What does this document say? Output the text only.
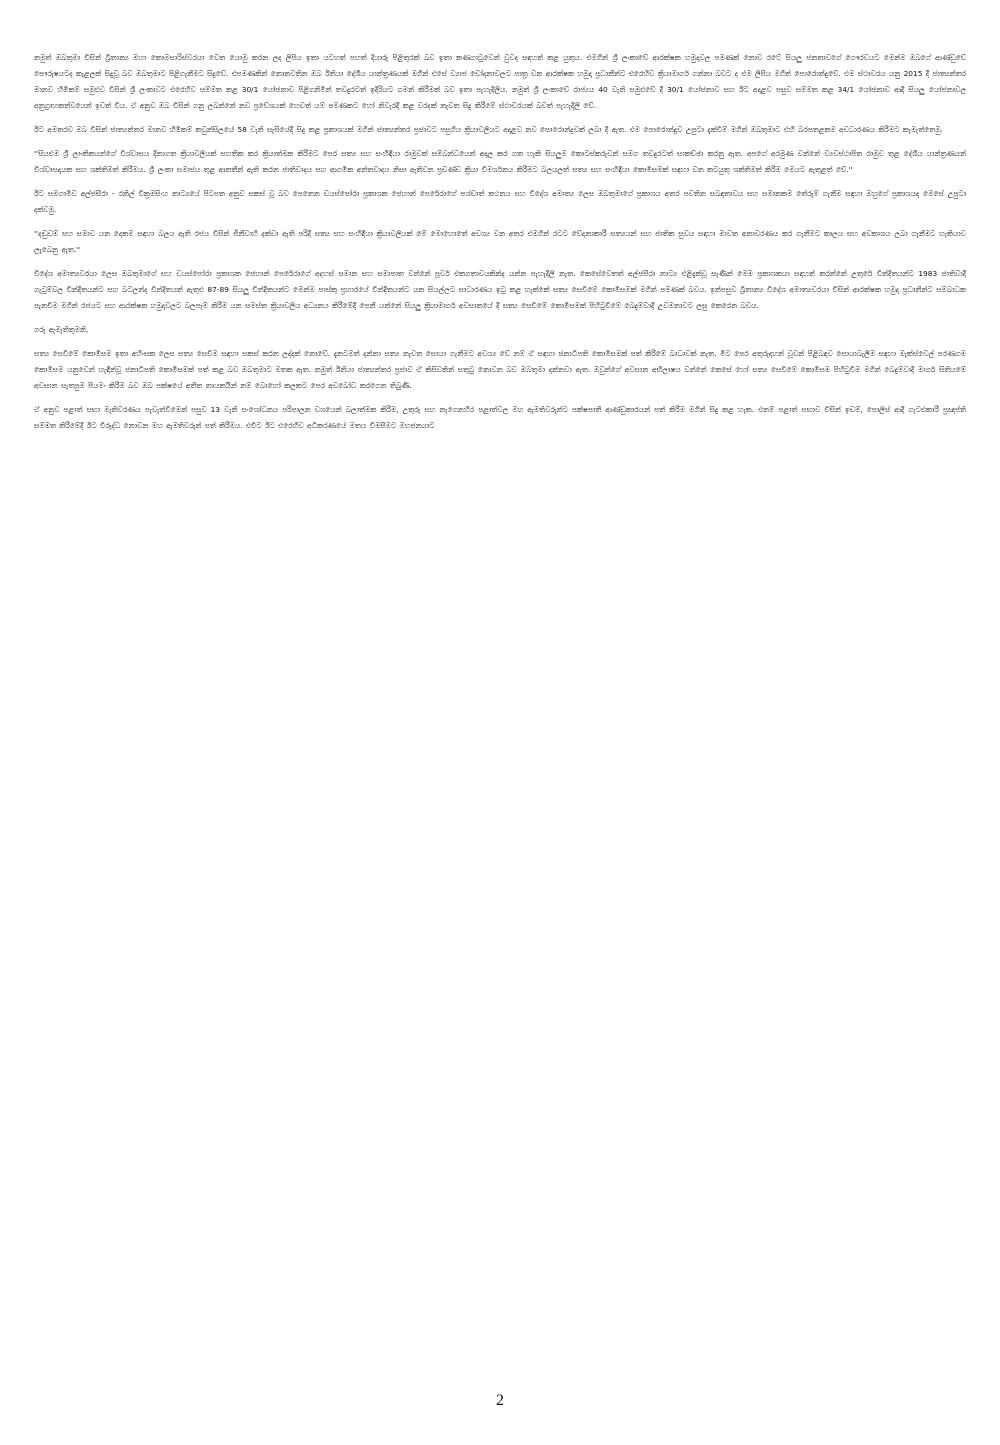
නමුත් ඔබතුමා විසින් බ්‍රිතාන්‍ය මහා කොමසාරිස්වරයා වෙත යොමු කරන ලද ලිපිය ඉතා යටහත් පහත් දියාරු පිළිතුරක් බව ඉතා කණගාටුවෙන් වුවද සඳහන් කළ යුතුය. එමගින් ශ්‍රී ලංකාවේ ආරක්ෂක හමුදාවල පමණක් නොව රටේ සියලු ජනතාවගේ ගෞරවයට මෙන්ම ඔබගේ ආණ්ඩුවේ පෞරුෂයටද කැළලක් සිදුවූ බව ඔබතුමාට පිළිගැනීමට සිදුවේ. එපමණකින් නොනවතින ඔබ ඊනියා දේශීය යාන්ත්‍රණයක් මගින් එසේ ව්‍යාජ චෝදනාවලට පාත්‍ර වන ආරක්ෂක හමුදා ප්‍රධානීන්ට එරෙහිව ක්‍රියාමාර්ග ගන්නා බවට ද එම ලිපිය මගින් පොරොන්දුවේ. එම ස්ථාවරය යනු 2015 දී ජාත්‍යන්තර මානව හිමිකම් සමුළුව විසින් ශ්‍රී ලංකාවට එරෙහිව සම්මත කළ 30/1 යෝජනාව පිළිගනිමින් තවදුරටත් ඉදිරියට ගමන් කිරීමක් බව ඉතා පැහැදිලිය. නමුත් ශ්‍රී ලංකාවේ රාජ්‍යය 40 වැනි සමුළුවේ දී 30/1 යෝජනාව සහ ඊට අදාළව පසුව සම්මත කළ 34/1 යෝජනාව ආදී සියලු යෝජනාවල අනුග්‍රාහකත්වයෙන් ඉවත් විය. ඒ අනුව ඔබ විසින් ගනු ලබන්නේ නව ප්‍රවේශයක් හෙවත් යම් පමණකට හෝ නිවැරදි කළ වරදක් නැවත සිදු කිරීමේ ස්ථාවරයක් බවත් පැහැදිලි වේ.

ඊට අමතරව ඔබ විසින් ජාත්‍යන්තර මානව හිමිකම් කවුන්සිලයේ 58 වැනි සැසියේදී සිදු කළ ප්‍රකාශයක් මගින් ජාත්‍යන්තර ප්‍රජාවට පසුගිය ක්‍රියාවලියට අදාළව නව පොරොන්දුවක් ලබා දී ඇත. එම පොරොන්දුව උපුටා දැක්වීම් මගින් ඔබතුමාට එහි බරපතළකම අවධාරණය කිරීමට කැමැත්තෙමු.

''සියළුම ශ්‍රී ලාංකිකයන්ගේ විශ්වාසය දිනාගත ක්‍රියාවලියක් සහතික කර ක්‍රියාත්මක කිරීමට පෙර සත්‍ය සහ සංහිඳියා රාමුවක් සම්බන්ධයෙන් අදාල කර ගත හැකි සියලුම කොටස්කරුවන් සමග තවදුරටත් සාකච්ඡා කරනු ඇත. අපගේ අරමුණ වන්නේ ව්‍යවස්ථාපිත රාමුව තුළ දේශීය යාන්ත්‍රණයන් විශ්වාසදායක සහ ශක්තිමත් කිරීමය. ශ්‍රී ලංකා සමාජය තුළ ආතතීන් ඇති කරන ජාතිවාදය සහ ආගමික අන්තවාදය නිසා ඇතිවන ප්‍රචණ්ඩ ක්‍රියා විමර්ශනය කිරීමට බලයලත් සත්‍ය සහ සංහිඳියා කොමිසමක් සඳහා වන කටයුතු ශක්තිමත් කිරීම මෙයට ඇතුළත් වේ.''

ඊට සමගාමීව අල්ජසීරා - රනිල් වික්‍රමසිංහ නාට්‍යයේ පිටපත අනුව සකස් වූ බව පෙනෙන ඩයස්පෝරා ප්‍රකාශක ජෙහාන් පෙරේරාගේ පශ්චාත් කථනය සහ විදේශ අමාත්‍ය ලෙස ඔබතුමාගේ ප්‍රකාශය අතර පවතින සබඳතාවය සහ සමානකම තේරුම් ගැනීම සඳහා ඔහුගේ ප්‍රකාශයද මෙසේ උපුටා දක්වමු.

''දඬුවම් සහ සමාව යන දෙකම සඳහා බලය ඇති රජය විසින් ජීනීවාහි දක්වා ඇති පරිදි සත්‍ය සහ සංහිඳියා ක්‍රියාවලියක් මේ මොහොතේ අවශ්‍ය වන අතර එමගින් රටට වේදනාකාරී සත්‍යයන් සහ ජාතික සුවය සඳහා මාවත අනාවරණය කර ගැනීමට කාලය සහ අවකාශය ලබා ගැනීමට හැකියාව ලැබෙනු ඇත.''

විදේශ අමාත්‍යවරයා ලෙස ඔබතුමාගේ සහ ඩයස්පෝරා ප්‍රකාශක ජෙහාන් පෙරේරාගේ අදහස් සමාන සහ සමාපාත වන්නේ පූර්ව එකගතාවයකින්ද යන්න පැහැදිලි නැත. කෙසේවෙතත් අල්ජසීරා නාට්‍ය එළිදැක්වූ සැණින් මෙම ප්‍රකාශකයා සඳහන් කරන්නේ උතුරේ වින්දිතයන්ට 1983 ජාතිවාදී ගැටුම්වල වින්දිතයන්ට සහ බටලන්ද වින්දිතයන් ඇතුළු 87-89 සියලු වින්දිතයන්ට මෙන්ම පාස්කු ප්‍රහාරයේ වින්දිතයන්ට යන සියල්ලට සාධාරණය ඉටු කළ හැක්කේ සත්‍ය සෙවීමේ කොමිසමක් මගින් පමණක් බවය. ඉන්පසුව බ්‍රිතාන්‍ය විදේශ අමාත්‍යවරයා විසින් ආරක්ෂක හමුදා ප්‍රධානීන්ට සම්බාධක පැනවීම මගින් රජයට සහ ආරක්ෂක හමුදාවලට බලපෑම් කිරීම යන සමස්ත ක්‍රියාවලිය අධ්‍යනය කිරීමේදී පෙනී යන්නේ සියලු ක්‍රියාමාර්ග අවසානයේ දී සත්‍ය සෙවීමේ කොමිසමක් පිහිටුවීමේ බෙදුම්වාදී උවමනාවට ලඝු කෙරෙන බවය.

ගරු ඇමැතිතුමනි,

සත්‍ය සෙවීමේ කොමිසම ඉතා අහිංසක ලෙස සත්‍ය සෙවීම සඳහා සකස් කරන ලද්දක් නොවේ. දැනටමත් දන්නා සත්‍ය නැවත සොයා ගැනීමට අවශ්‍ය වේ නම් ඒ සඳහා ජනාධිපති කොමිසමක් පත් කිරීමේ බාධාවක් නැත. මීට පෙර අතුරුදහන් වූවන් පිළිබඳව සොයාබැලීම සඳහා මැක්ස්වෙල් පරණගම කොමිසම යනුවෙන් හැඳින්වූ ජනාධිපති කොමිසමක් පත් කළ බව ඔබතුමාට මතක ඇත. නමුත් ඊනියා ජාත්‍යන්තර ප්‍රජාව ඒ කිසිවකින් සතුටු නොවන බව ඔබතුමා දන්නවා ඇත. ඔවුන්ගේ අවසාන අභිලාෂය වන්නේ කෙසේ හෝ සත්‍ය සෙවීමේ කොමිසම පිහිටුවීම මගින් බෙදුම්වාදී මාර්ග සිතියමේ අවසාන සැතපුම පියමං කිරීම බව ඔබ පක්ෂයේ අතීත නායකයින් නම් බොහෝ කලකට පෙර අවබෝධ කරගෙන තිබුණි.

ඒ අනුව පළාත් සභා මැතිවරණය පැවැත්වීමෙන් පසුව 13 වැනි සංශෝධනය පරිපාලන වශයෙන් බලාත්මක කිරීම, උතුරු සහ නැගෙනහිර පළාත්වල මහ ඇමතිවරුන්ට පක්ෂපාතී ආණ්ඩුකාරයන් පත් කිරීම මගින් සිදු කළ හැක. එනම් පළාත් සභාව විසින් ඉඩම්, පොලිස් ආදී ගැටළුකාරී ප්‍රඥප්ති සම්මත කිරීමේදී ඊට විරුද්ධ නොවන මහ ඇමතිවරුන් පත් කිරීමය. එවිට ඊට එරෙහිව අධිකරණයේ මතය විමසීමට මහජනයාට

2
